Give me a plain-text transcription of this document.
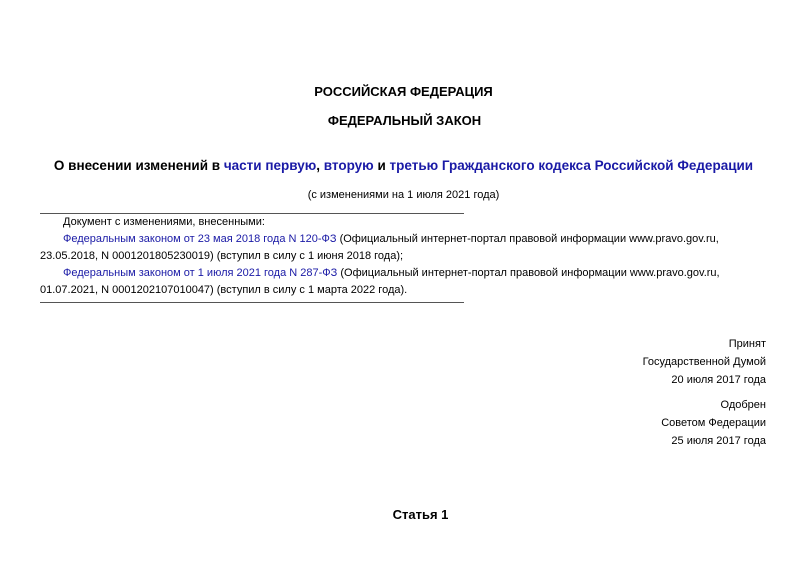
РОССИЙСКАЯ ФЕДЕРАЦИЯ
ФЕДЕРАЛЬНЫЙ ЗАКОН
О внесении изменений в части первую, вторую и третью Гражданского кодекса Российской Федерации
(с изменениями на 1 июля 2021 года)

Документ с изменениями, внесенными:

Федеральным законом от 23 мая 2018 года N 120-ФЗ (Официальный интернет-портал правовой информации www.pravo.gov.ru, 23.05.2018, N 0001201805230019) (вступил в силу с 1 июня 2018 года);

Федеральным законом от 1 июля 2021 года N 287-ФЗ (Официальный интернет-портал правовой информации www.pravo.gov.ru, 01.07.2021, N 0001202107010047) (вступил в силу с 1 марта 2022 года).

Принят
Государственной Думой
20 июля 2017 года
Одобрен
Советом Федерации
25 июля 2017 года
Статья 1
